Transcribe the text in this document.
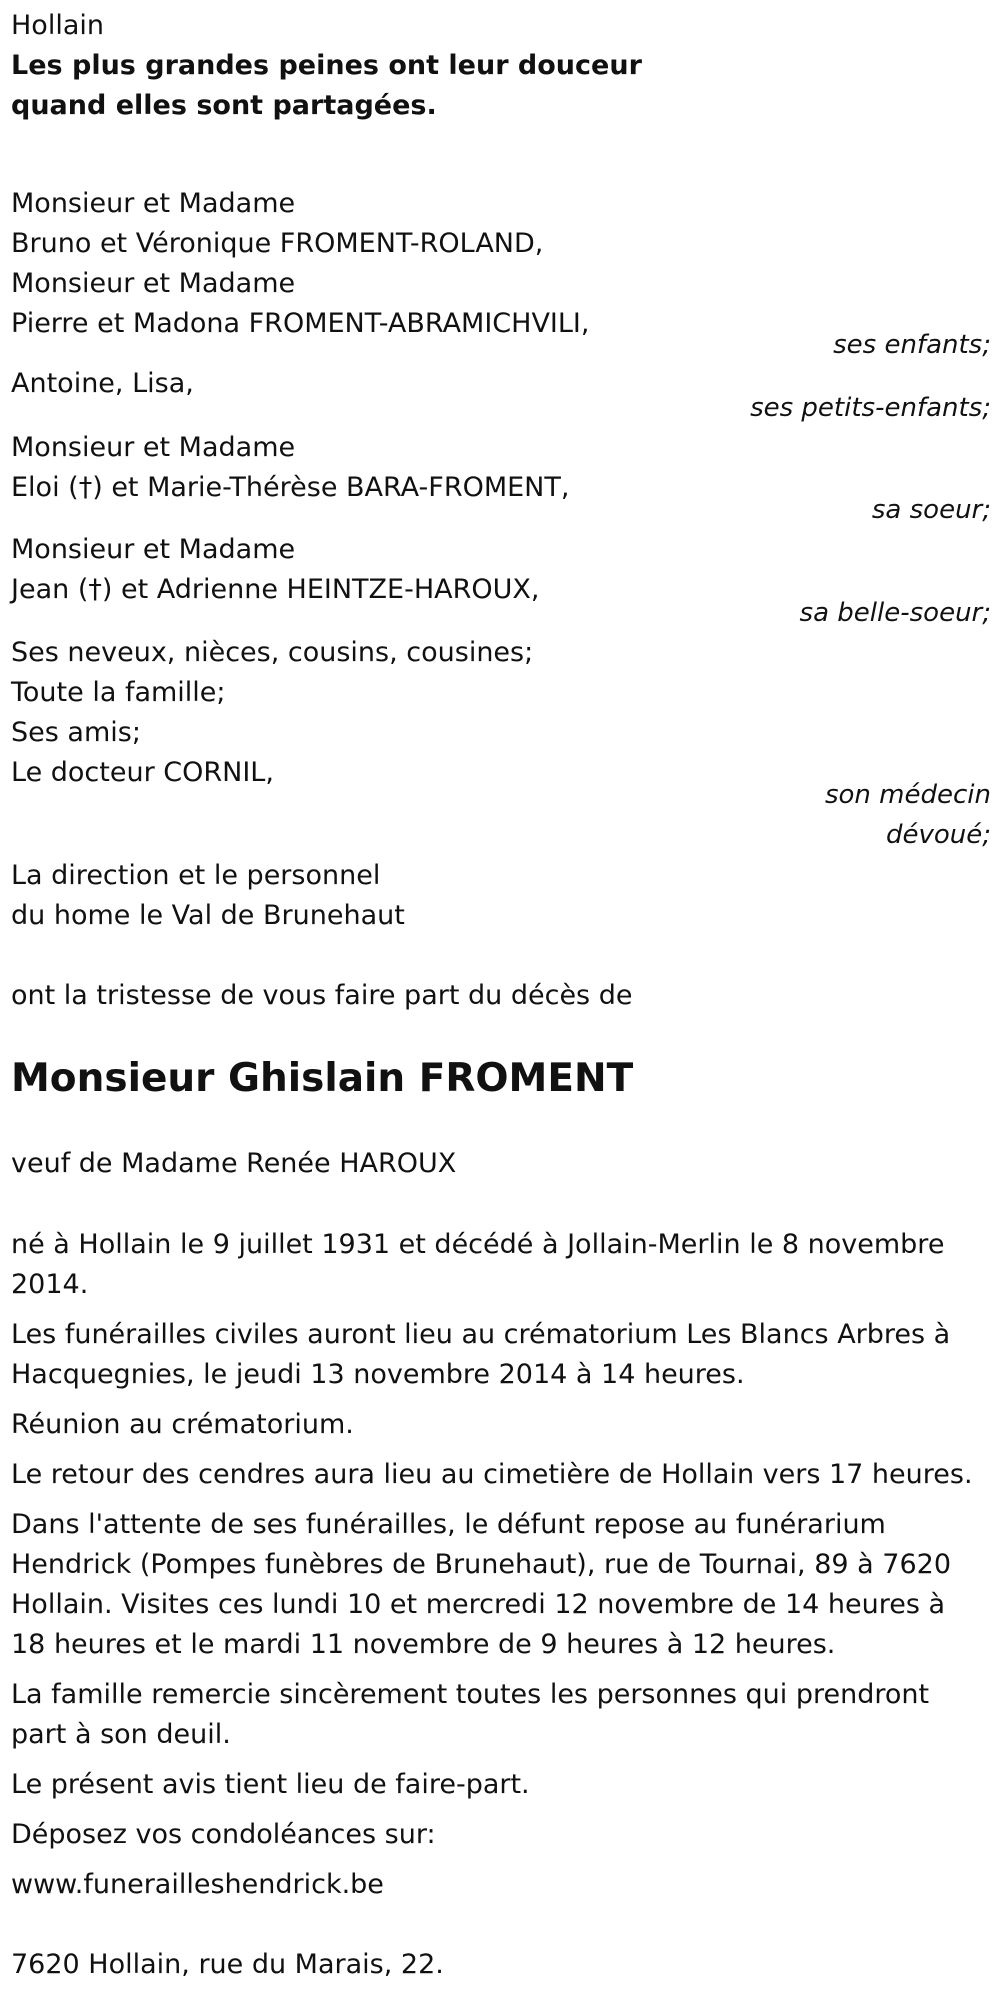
Hollain
Les plus grandes peines ont leur douceur
quand elles sont partagées.
Monsieur et Madame
Bruno et Véronique FROMENT-ROLAND,
Monsieur et Madame
Pierre et Madona FROMENT-ABRAMICHVILI,
ses enfants;
Antoine, Lisa,
ses petits-enfants;
Monsieur et Madame
Eloi (†) et Marie-Thérèse BARA-FROMENT,
sa soeur;
Monsieur et Madame
Jean (†) et Adrienne HEINTZE-HAROUX,
sa belle-soeur;
Ses neveux, nièces, cousins, cousines;
Toute la famille;
Ses amis;
Le docteur CORNIL,
son médecin
dévoué;
La direction et le personnel
du home le Val de Brunehaut
ont la tristesse de vous faire part du décès de
Monsieur Ghislain FROMENT
veuf de Madame Renée HAROUX
né à Hollain le 9 juillet 1931 et décédé à Jollain-Merlin le 8 novembre 2014.
Les funérailles civiles auront lieu au crématorium Les Blancs Arbres à Hacquegnies, le jeudi 13 novembre 2014 à 14 heures.
Réunion au crématorium.
Le retour des cendres aura lieu au cimetière de Hollain vers 17 heures.
Dans l'attente de ses funérailles, le défunt repose au funérarium Hendrick (Pompes funèbres de Brunehaut), rue de Tournai, 89 à 7620 Hollain. Visites ces lundi 10 et mercredi 12 novembre de 14 heures à 18 heures et le mardi 11 novembre de 9 heures à 12 heures.
La famille remercie sincèrement toutes les personnes qui prendront part à son deuil.
Le présent avis tient lieu de faire-part.
Déposez vos condoléances sur:
www.funerailleshendrick.be
7620 Hollain, rue du Marais, 22.
